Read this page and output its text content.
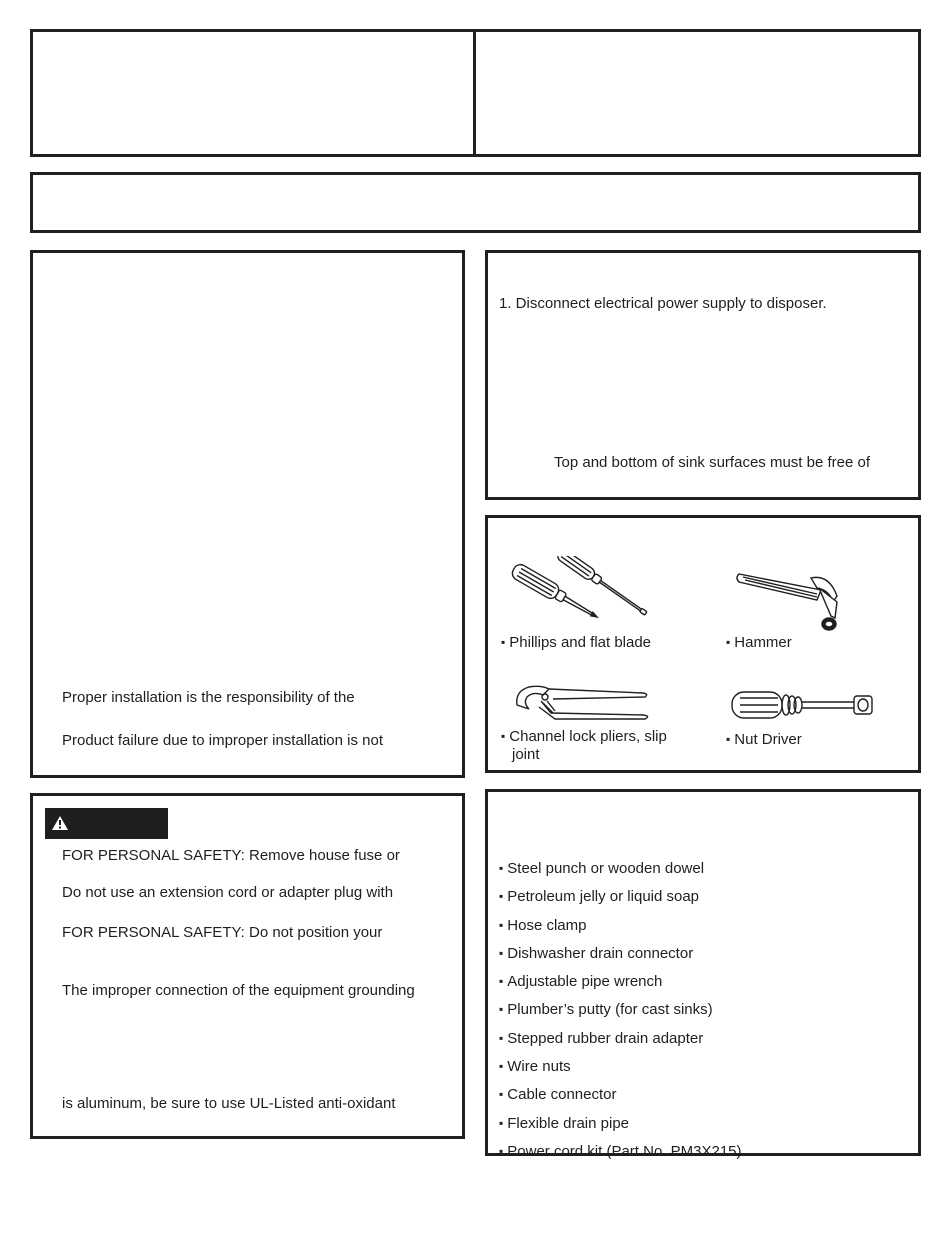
Proper installation is the responsibility of the
Product failure due to improper installation is not
1. Disconnect electrical power supply to disposer.
Top and bottom of sink surfaces must be free of
▪ Phillips and flat blade	▪ Hammer
▪ Channel lock pliers, slip
joint
▪ Nut Driver
FOR PERSONAL SAFETY: Remove house fuse or
Do not use an extension cord or adapter plug with
FOR PERSONAL SAFETY: Do not position your
The improper connection of the equipment grounding
is aluminum, be sure to use UL-Listed anti-oxidant
▪ Steel punch or wooden dowel
▪ Petroleum jelly or liquid soap
▪ Hose clamp
▪ Dishwasher drain connector
▪ Adjustable pipe wrench
▪ Plumber’s putty (for cast sinks)
▪ Stepped rubber drain adapter
▪ Wire nuts
▪ Cable connector
▪ Flexible drain pipe
▪ Power cord kit (Part No. PM3X215)
